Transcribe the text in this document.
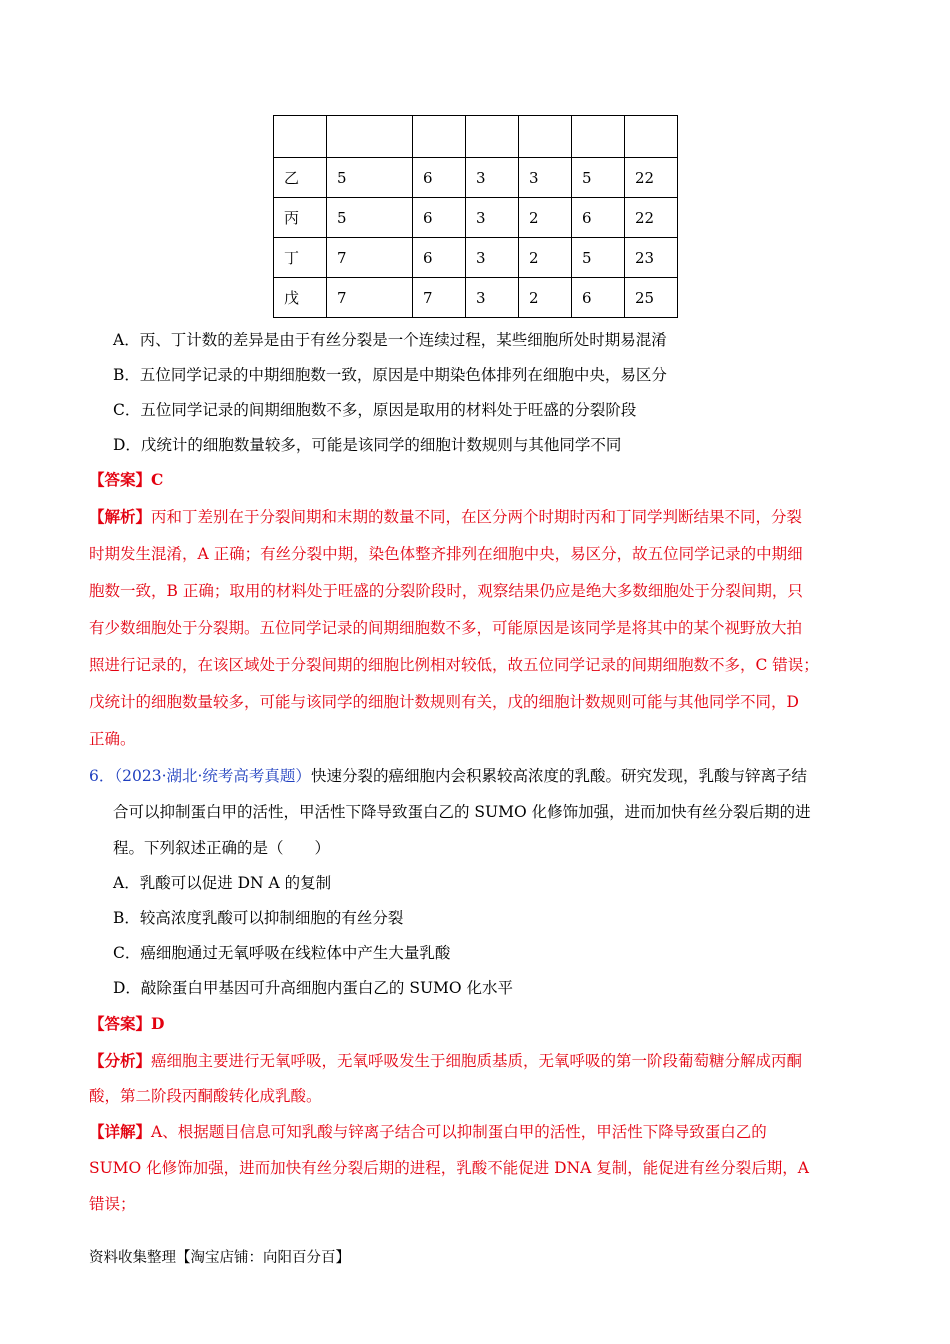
乙	5	6	3	3	5	22
丙	5	6	3	2	6	22
丁	7	6	3	2	5	23
戊	7	7	3	2	6	25
A．丙、丁计数的差异是由于有丝分裂是一个连续过程，某些细胞所处时期易混淆
B．五位同学记录的中期细胞数一致，原因是中期染色体排列在细胞中央，易区分
C．五位同学记录的间期细胞数不多，原因是取用的材料处于旺盛的分裂阶段
D．戊统计的细胞数量较多，可能是该同学的细胞计数规则与其他同学不同
【答案】C
【解析】丙和丁差别在于分裂间期和末期的数量不同，在区分两个时期时丙和丁同学判断结果不同，分裂
时期发生混淆，A 正确；有丝分裂中期，染色体整齐排列在细胞中央，易区分，故五位同学记录的中期细
胞数一致，B 正确；取用的材料处于旺盛的分裂阶段时，观察结果仍应是绝大多数细胞处于分裂间期，只
有少数细胞处于分裂期。五位同学记录的间期细胞数不多，可能原因是该同学是将其中的某个视野放大拍
照进行记录的，在该区域处于分裂间期的细胞比例相对较低，故五位同学记录的间期细胞数不多，C 错误；
戊统计的细胞数量较多，可能与该同学的细胞计数规则有关，戊的细胞计数规则可能与其他同学不同，D
正确。
6．（2023·湖北·统考高考真题）快速分裂的癌细胞内会积累较高浓度的乳酸。研究发现，乳酸与锌离子结
合可以抑制蛋白甲的活性，甲活性下降导致蛋白乙的 SUMO 化修饰加强，进而加快有丝分裂后期的进
程。下列叙述正确的是（　　）
A．乳酸可以促进 DN A 的复制
B．较高浓度乳酸可以抑制细胞的有丝分裂
C．癌细胞通过无氧呼吸在线粒体中产生大量乳酸
D．敲除蛋白甲基因可升高细胞内蛋白乙的 SUMO 化水平
【答案】D
【分析】癌细胞主要进行无氧呼吸，无氧呼吸发生于细胞质基质，无氧呼吸的第一阶段葡萄糖分解成丙酮
酸，第二阶段丙酮酸转化成乳酸。
【详解】A、根据题目信息可知乳酸与锌离子结合可以抑制蛋白甲的活性，甲活性下降导致蛋白乙的
SUMO 化修饰加强，进而加快有丝分裂后期的进程，乳酸不能促进 DNA 复制，能促进有丝分裂后期，A
错误；
资料收集整理【淘宝店铺：向阳百分百】
